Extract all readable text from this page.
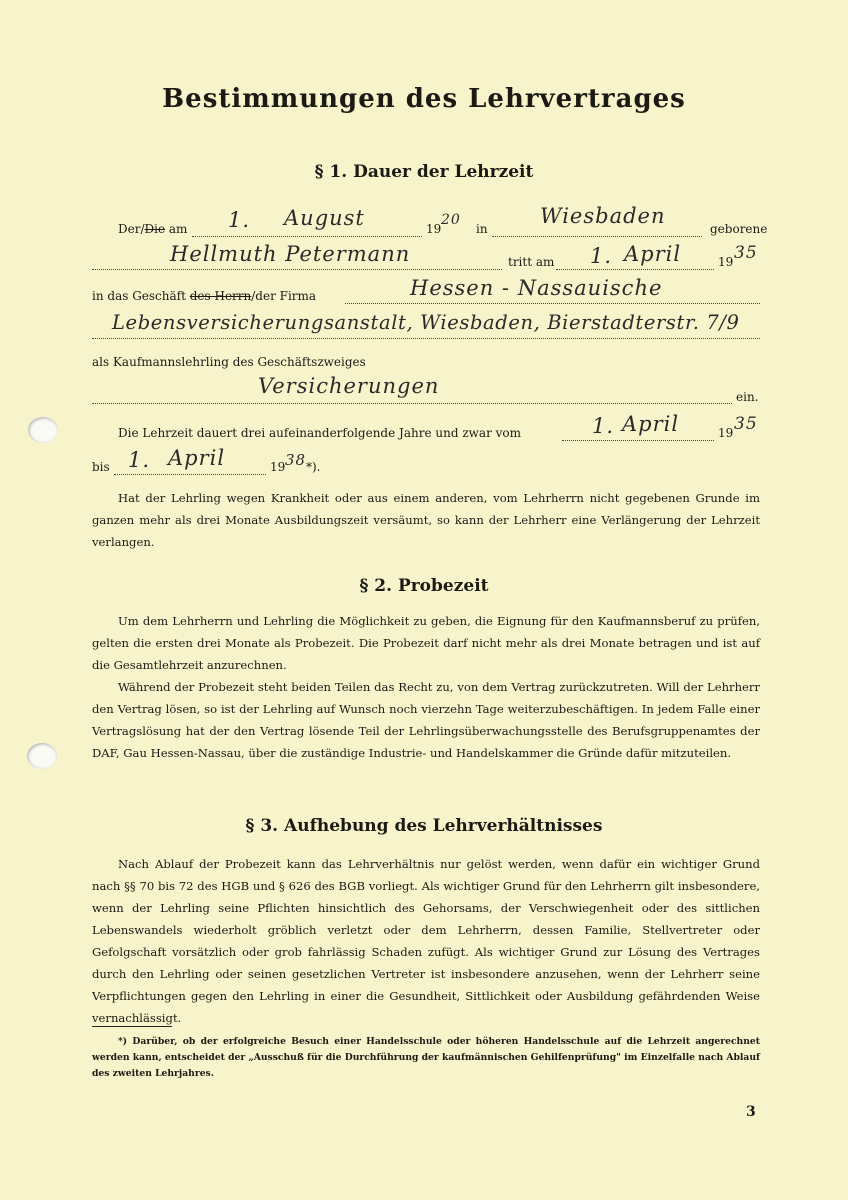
Bestimmungen des Lehrvertrages
§ 1. Dauer der Lehrzeit
Der/Die am 1. August	19
20
in
Wiesbaden
geborene
Hellmuth Petermann	tritt am 1. April	19 35
in das Geschäft des Herrn/der Firma	Hessen - Nassauische
Lebensversicherungsanstalt, Wiesbaden, Bierstadterstr. 7/9
als Kaufmannslehrling des Geschäftszweiges
Versicherungen	ein.
Die Lehrzeit dauert drei aufeinanderfolgende Jahre und zwar vom	1. April	19 35
bis 1. April	19 38 *).

Hat der Lehrling wegen Krankheit oder aus einem anderen, vom Lehrherrn nicht gegebenen Grunde im ganzen mehr als drei Monate Ausbildungszeit versäumt, so kann der Lehrherr eine Verlängerung der Lehrzeit verlangen.

§ 2. Probezeit

Um dem Lehrherrn und Lehrling die Möglichkeit zu geben, die Eignung für den Kaufmannsberuf zu prüfen, gelten die ersten drei Monate als Probezeit. Die Probezeit darf nicht mehr als drei Monate betragen und ist auf die Gesamtlehrzeit anzurechnen.

Während der Probezeit steht beiden Teilen das Recht zu, von dem Vertrag zurückzutreten. Will der Lehrherr den Vertrag lösen, so ist der Lehrling auf Wunsch noch vierzehn Tage weiterzubeschäftigen. In jedem Falle einer Vertragslösung hat der den Vertrag lösende Teil der Lehrlingsüberwachungsstelle des Berufsgruppenamtes der DAF, Gau Hessen-Nassau, über die zuständige Industrie- und Handelskammer die Gründe dafür mitzuteilen.

§ 3. Aufhebung des Lehrverhältnisses

Nach Ablauf der Probezeit kann das Lehrverhältnis nur gelöst werden, wenn dafür ein wichtiger Grund nach §§ 70 bis 72 des HGB und § 626 des BGB vorliegt. Als wichtiger Grund für den Lehrherrn gilt insbesondere, wenn der Lehrling seine Pflichten hinsichtlich des Gehorsams, der Verschwiegenheit oder des sittlichen Lebenswandels wiederholt gröblich verletzt oder dem Lehrherrn, dessen Familie, Stellvertreter oder Gefolgschaft vorsätzlich oder grob fahrlässig Schaden zufügt. Als wichtiger Grund zur Lösung des Vertrages durch den Lehrling oder seinen gesetzlichen Vertreter ist insbesondere anzusehen, wenn der Lehrherr seine Verpflichtungen gegen den Lehrling in einer die Gesundheit, Sittlichkeit oder Ausbildung gefährdenden Weise vernachlässigt.

*) Darüber, ob der erfolgreiche Besuch einer Handelsschule oder höheren Handelsschule auf die Lehrzeit angerechnet werden kann, entscheidet der „Ausschuß für die Durchführung der kaufmännischen Gehilfenprüfung" im Einzelfalle nach Ablauf des zweiten Lehrjahres.
3
